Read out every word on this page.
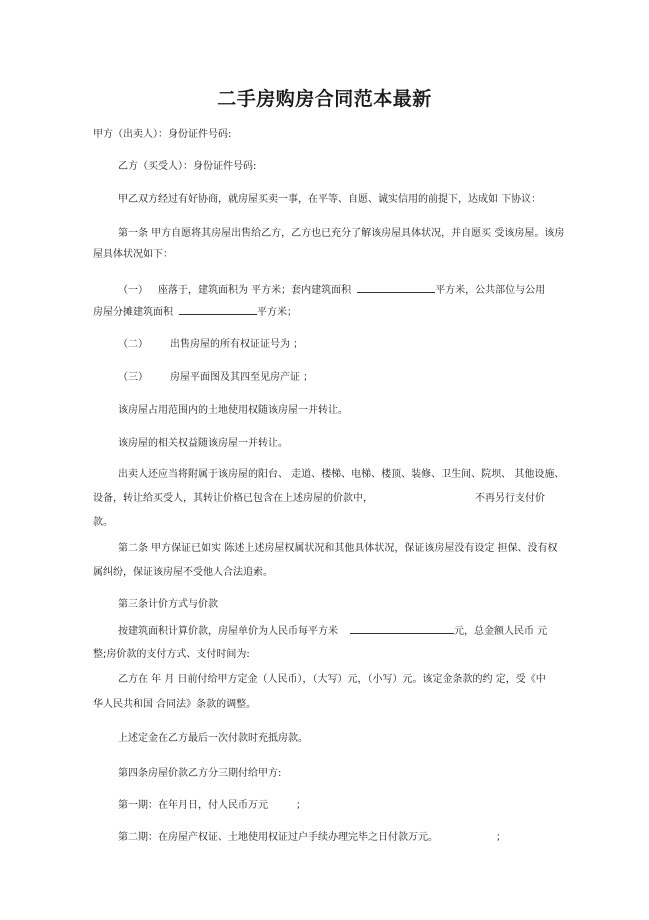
二手房购房合同范本最新
甲方（出卖人）：身份证件号码:
乙方（买受人）：身份证件号码:
甲乙双方经过有好协商，就房屋买卖一事，在平等、自愿、诚实信用的前提下，达成如 下协议：
第一条 甲方自愿将其房屋出售给乙方，乙方也已充分了解该房屋具体状况，并自愿买 受该房屋。该房
屋具体状况如下：
（一） 座落于，建筑面积为 平方米；套内建筑面积	平方米，公共部位与公用
房屋分摊建筑面积	平方米；
（二） 出售房屋的所有权证证号为 ；
（三） 房屋平面图及其四至见房产证 ；
该房屋占用范围内的土地使用权随该房屋一并转让。
该房屋的相关权益随该房屋一并转让。
出卖人还应当将附属于该房屋的阳台、 走道、楼梯、电梯、楼顶、装修、卫生间、院坝、 其他设施、
设备，转让给买受人，其转让价格已包含在上述房屋的价款中，	不再另行支付价
款。
第二条 甲方保证已如实 陈述上述房屋权属状况和其他具体状况，保证该房屋没有设定 担保、没有权
属纠纷，保证该房屋不受他人合法追索。
第三条计价方式与价款
按建筑面积计算价款，房屋单价为人民币每平方米	元，总金额人民币 元
整;房价款的支付方式、支付时间为:
乙方在 年 月 日前付给甲方定金（人民币），（大写）元，（小写）元。该定金条款的约 定，受《中
华人民共和国 合同法》条款的调整。
上述定金在乙方最后一次付款时充抵房款。
第四条房屋价款乙方分三期付给甲方:
第一期：在年月日，付人民币万元	；
第二期：在房屋产权证、土地使用权证过户手续办理完毕之日付款万元。	；
